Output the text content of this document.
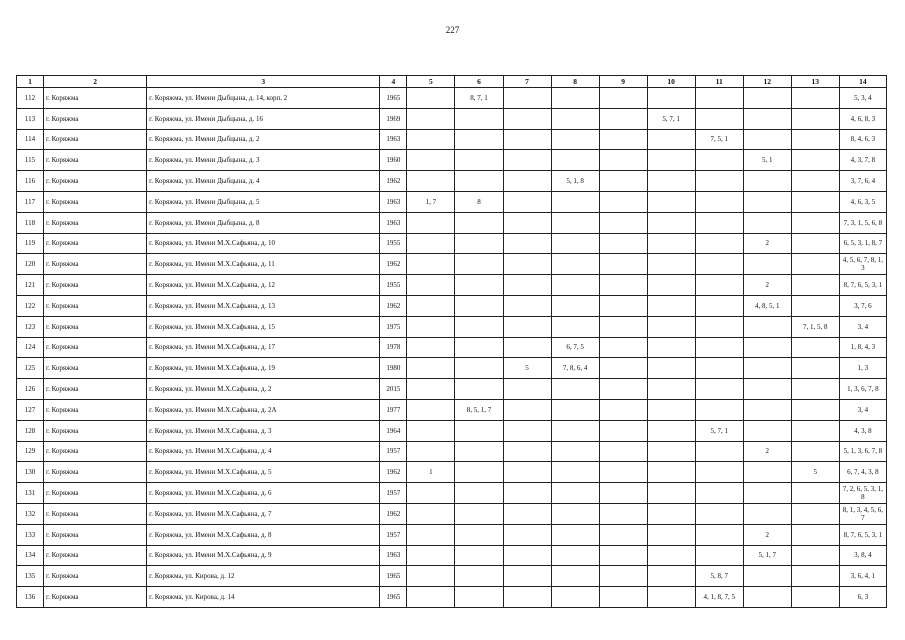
227
1	2	3	4	5	6	7	8	9	10	11	12	13	14
112	г. Коряжма	г. Коряжма, ул. Имени Дыбцына, д. 14, корп. 2	1965		8, 7, 1								5, 3, 4

113	г. Коряжма	г. Коряжма, ул. Имени Дыбцына, д. 16	1969						5, 7, 1				4, 6, 8, 3

114	г. Коряжма	г. Коряжма, ул. Имени Дыбцына, д. 2	1963							7, 5, 1			8, 4, 6, 3

115	г. Коряжма	г. Коряжма, ул. Имени Дыбцына, д. 3	1960								5, 1		4, 3, 7, 8

116	г. Коряжма	г. Коряжма, ул. Имени Дыбцына, д. 4	1962				5, 1, 8						3, 7, 6, 4

117	г. Коряжма	г. Коряжма, ул. Имени Дыбцына, д. 5	1963	1, 7	8								4, 6, 3, 5

118	г. Коряжма	г. Коряжма, ул. Имени Дыбцына, д. 8	1963										7, 3, 1, 5, 6, 8

119	г. Коряжма	г. Коряжма, ул. Имени М.Х.Сафьяна, д. 10	1955								2		6, 5, 3, 1, 8, 7

120	г. Коряжма	г. Коряжма, ул. Имени М.Х.Сафьяна, д. 11	1962										4, 5, 6, 7, 8, 1, 3

121	г. Коряжма	г. Коряжма, ул. Имени М.Х.Сафьяна, д. 12	1955								2		8, 7, 6, 5, 3, 1

122	г. Коряжма	г. Коряжма, ул. Имени М.Х.Сафьяна, д. 13	1962								4, 8, 5, 1		3, 7, 6

123	г. Коряжма	г. Коряжма, ул. Имени М.Х.Сафьяна, д. 15	1975									7, 1, 5, 8	3, 4

124	г. Коряжма	г. Коряжма, ул. Имени М.Х.Сафьяна, д. 17	1978				6, 7, 5						1, 8, 4, 3

125	г. Коряжма	г. Коряжма, ул. Имени М.Х.Сафьяна, д. 19	1980			5	7, 8, 6, 4						1, 3

126	г. Коряжма	г. Коряжма, ул. Имени М.Х.Сафьяна, д. 2	2015										1, 3, 6, 7, 8

127	г. Коряжма	г. Коряжма, ул. Имени М.Х.Сафьяна, д. 2А	1977		8, 5, 1, 7								3, 4

128	г. Коряжма	г. Коряжма, ул. Имени М.Х.Сафьяна, д. 3	1964							5, 7, 1			4, 3, 8

129	г. Коряжма	г. Коряжма, ул. Имени М.Х.Сафьяна, д. 4	1957								2		5, 1, 3, 6, 7, 8

130	г. Коряжма	г. Коряжма, ул. Имени М.Х.Сафьяна, д. 5	1962	1								5	6, 7, 4, 3, 8

131	г. Коряжма	г. Коряжма, ул. Имени М.Х.Сафьяна, д. 6	1957										7, 2, 6, 5, 3, 1, 8

132	г. Коряжма	г. Коряжма, ул. Имени М.Х.Сафьяна, д. 7	1962										8, 1, 3, 4, 5, 6, 7

133	г. Коряжма	г. Коряжма, ул. Имени М.Х.Сафьяна, д. 8	1957								2		8, 7, 6, 5, 3, 1

134	г. Коряжма	г. Коряжма, ул. Имени М.Х.Сафьяна, д. 9	1963								5, 1, 7		3, 8, 4

135	г. Коряжма	г. Коряжма, ул. Кирова, д. 12	1965							5, 8, 7			3, 6, 4, 1

136	г. Коряжма	г. Коряжма, ул. Кирова, д. 14	1965							4, 1, 8, 7, 5			6, 3
